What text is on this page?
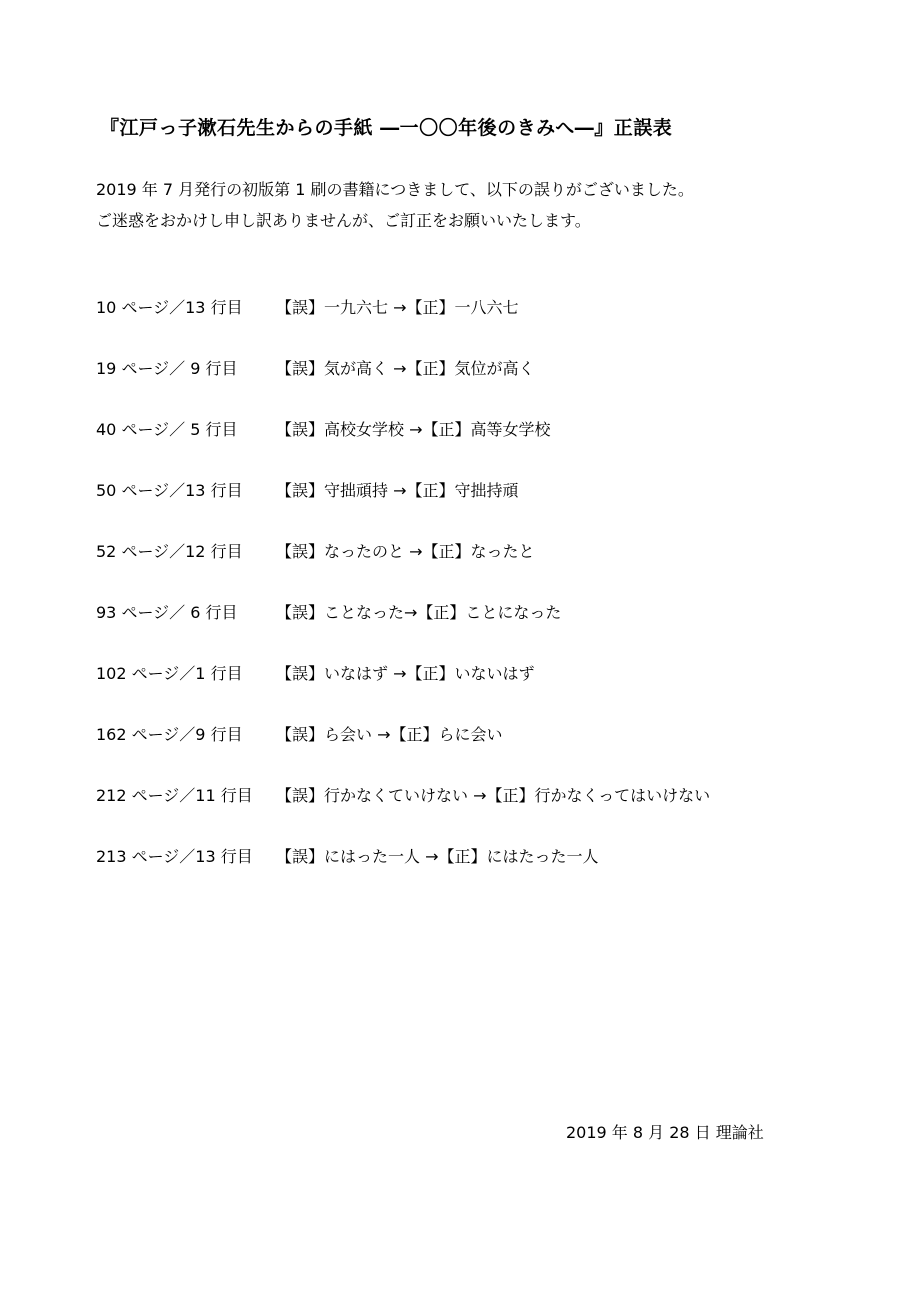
『江戸っ子漱石先生からの手紙 ―一〇〇年後のきみへ―』正誤表
2019 年 7 月発行の初版第 1 刷の書籍につきまして、以下の誤りがございました。
ご迷惑をおかけし申し訳ありませんが、ご訂正をお願いいたします。
10 ページ／13 行目	【誤】一九六七 →【正】一八六七
19 ページ／ 9 行目	【誤】気が高く →【正】気位が高く
40 ページ／ 5 行目	【誤】高校女学校 →【正】高等女学校
50 ページ／13 行目	【誤】守拙頑持 →【正】守拙持頑
52 ページ／12 行目	【誤】なったのと →【正】なったと
93 ページ／ 6 行目	【誤】ことなった→【正】ことになった
102 ページ／1 行目	【誤】いなはず →【正】いないはず
162 ページ／9 行目	【誤】ら会い →【正】らに会い
212 ページ／11 行目	【誤】行かなくていけない →【正】行かなくってはいけない
213 ページ／13 行目	【誤】にはった一人 →【正】にはたった一人
2019 年 8 月 28 日 理論社
